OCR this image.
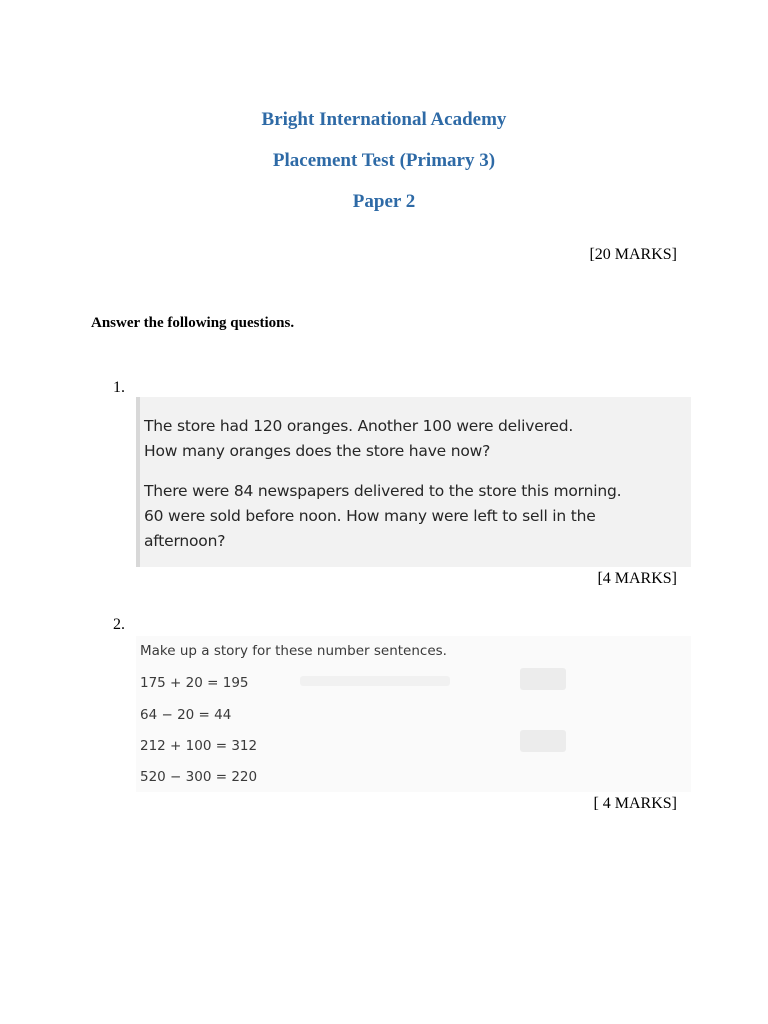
Bright International Academy
Placement Test (Primary 3)
Paper 2
[20 MARKS]
Answer the following questions.
1.
The store had 120 oranges. Another 100 were delivered.
How many oranges does the store have now?
There were 84 newspapers delivered to the store this morning.
60 were sold before noon. How many were left to sell in the
afternoon?
[4 MARKS]
2.
Make up a story for these number sentences.
175 + 20 = 195
64 − 20 = 44
212 + 100 = 312
520 − 300 = 220
[ 4 MARKS]
